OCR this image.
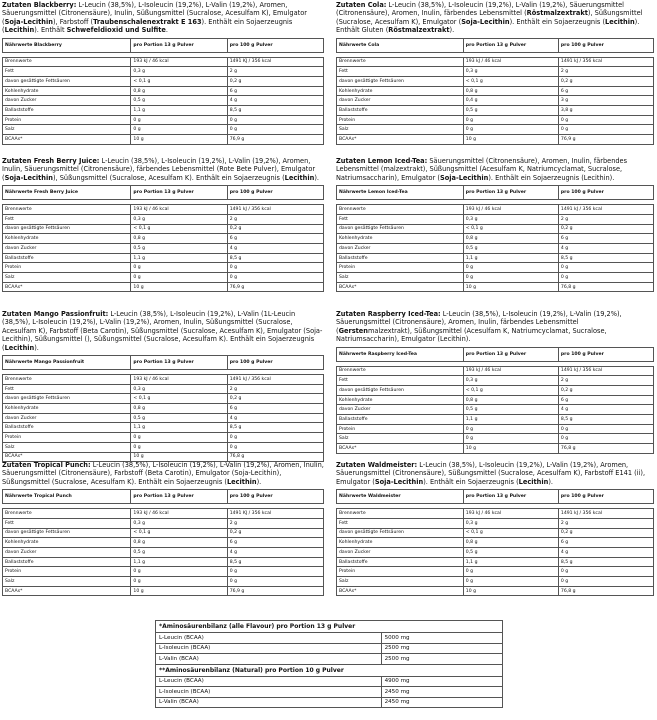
Zutaten Blackberry: L-Leucin (38,5%), L-Isoleucin (19,2%), L-Valin (19,2%), Aromen, Säuerungsmittel (Citronensäure), Inulin, Süßungsmittel (Sucralose, Acesulfam K), Emulgator (Soja-Lecithin), Farbstoff (Traubenschalenextrakt E 163). Enthält ein Sojaerzeugnis (Lecithin). Enthält Schwefeldioxid und Sulfite.

Nährwerte Blackberry	pro Portion 13 g Pulver	pro 100 g Pulver

Brennwerte	193 kJ / 46 kcal	1491 KJ / 356 kcal
Fett	0,3 g	2 g
davon gesättigte Fettsäuren	< 0,1 g	0,2 g
Kohlenhydrate	0,8 g	6 g
davon Zucker	0,5 g	4 g
Ballaststoffe	1,1 g	8,5 g
Protein	0 g	0 g
Salz	0 g	0 g
BCAAs*	10 g	76,9 g

Zutaten Cola: L-Leucin (38,5%), L-Isoleucin (19,2%), L-Valin (19,2%), Säuerungsmittel (Citronensäure), Aromen, Inulin, färbendes Lebensmittel (Röstmalzextrakt), Süßungsmittel (Sucralose, Acesulfam K), Emulgator (Soja-Lecithin). Enthält ein Sojaerzeugnis (Lecithin). Enthält Gluten (Röstmalzextrakt).

Nährwerte Cola	pro Portion 13 g Pulver	pro 100 g Pulver

Brennwerte	193 kJ / 46 kcal	1491 kJ / 356 kcal
Fett	0,3 g	2 g
davon gesättigte Fettsäuren	< 0,1 g	0,2 g
Kohlenhydrate	0,8 g	6 g
davon Zucker	0,4 g	3 g
Ballaststoffe	0,5 g	3,8 g
Protein	0 g	0 g
Salz	0 g	0 g
BCAAs*	10 g	76,9 g

Zutaten Fresh Berry Juice: L-Leucin (38,5%), L-Isoleucin (19,2%), L-Valin (19,2%), Aromen, Inulin, Säuerungsmittel (Citronensäure), färbendes Lebensmittel (Rote Bete Pulver), Emulgator (Soja-Lecithin), Süßungsmittel (Sucralose, Acesulfam K). Enthält ein Sojaerzeugnis (Lecithin).

Nährwerte Fresh Berry Juice	pro Portion 13 g Pulver	pro 100 g Pulver

Brennwerte	193 kJ / 46 kcal	1491 kJ / 356 kcal
Fett	0,3 g	2 g
davon gesättigte Fettsäuren	< 0,1 g	0,2 g
Kohlenhydrate	0,8 g	6 g
davon Zucker	0,5 g	4 g
Ballaststoffe	1,1 g	8,5 g
Protein	0 g	0 g
Salz	0 g	0 g
BCAAs*	10 g	76,9 g

Zutaten Lemon Iced-Tea: Säuerungsmittel (Citronensäure), Aromen, Inulin, färbendes Lebensmittel (malzextrakt), Süßungsmittel (Acesulfam K, Natriumcyclamat, Sucralose, Natriumsaccharin), Emulgator (Soja-Lecithin). Enthält ein Sojaerzeugnis (Lecithin).

Nährwerte Lemon Iced-Tea	pro Portion 13 g Pulver	pro 100 g Pulver

Brennwerte	193 kJ / 46 kcal	1491 kJ / 356 kcal
Fett	0,3 g	2 g
davon gesättigte Fettsäuren	< 0,1 g	0,2 g
Kohlenhydrate	0,8 g	6 g
davon Zucker	0,5 g	4 g
Ballaststoffe	1,1 g	8,5 g
Protein	0 g	0 g
Salz	0 g	0 g
BCAAs*	10 g	76,8 g

Zutaten Mango Passionfruit: L-Leucin (38,5%), L-Isoleucin (19,2%), L-Valin (1L-Leucin (38,5%), L-Isoleucin (19,2%), L-Valin (19,2%), Aromen, Inulin, Süßungsmittel (Sucralose, Acesulfam K), Farbstoff (Beta Carotin), Süßungsmittel (Sucralose, Acesulfam K), Emulgator (Soja-Lecithin), Süßungsmittel (), Süßungsmittel (Sucralose, Acesulfam K). Enthält ein Sojaerzeugnis (Lecithin).

Nährwerte Mango Passionfruit	pro Portion 13 g Pulver	pro 100 g Pulver

Brennwerte	193 kJ / 46 kcal	1491 kJ / 356 kcal
Fett	0,3 g	2 g
davon gesättigte Fettsäuren	< 0,1 g	0,2 g
Kohlenhydrate	0,8 g	6 g
davon Zucker	0,5 g	4 g
Ballaststoffe	1,1 g	8,5 g
Protein	0 g	0 g
Salz	0 g	0 g
BCAAs*	10 g	76,8 g

Zutaten Raspberry Iced-Tea: L-Leucin (38,5%), L-Isoleucin (19,2%), L-Valin (19,2%), Säuerungsmittel (Citronensäure), Aromen, Inulin, färbendes Lebensmittel (Gerstenmalzextrakt), Süßungsmittel (Acesulfam K, Natriumcyclamat, Sucralose, Natriumsaccharin), Emulgator (Lecithin).

Nährwerte Raspberry Iced-Tea	pro Portion 13 g Pulver	pro 100 g Pulver

Brennwerte	193 kJ / 46 kcal	1491 kJ / 356 kcal
Fett	0,3 g	2 g
davon gesättigte Fettsäuren	< 0,1 g	0,2 g
Kohlenhydrate	0,8 g	6 g
davon Zucker	0,5 g	4 g
Ballaststoffe	1,1 g	8,5 g
Protein	0 g	0 g
Salz	0 g	0 g
BCAAs*	10 g	76,8 g

Zutaten Tropical Punch: L-Leucin (38,5%), L-Isoleucin (19,2%), L-Valin (19,2%), Aromen, Inulin, Säuerungsmittel (Citronensäure), Farbstoff (Beta Carotin), Emulgator (Soja-Lecithin), Süßungsmittel (Sucralose, Acesulfam K). Enthält ein Sojaerzeugnis (Lecithin).

Nährwerte Tropical Punch	pro Portion 13 g Pulver	pro 100 g Pulver

Brennwerte	193 kJ / 46 kcal	1491 KJ / 356 kcal
Fett	0,3 g	2 g
davon gesättigte Fettsäuren	< 0,1 g	0,2 g
Kohlenhydrate	0,8 g	6 g
davon Zucker	0,5 g	4 g
Ballaststoffe	1,1 g	8,5 g
Protein	0 g	0 g
Salz	0 g	0 g
BCAAs*	10 g	76,9 g

Zutaten Waldmeister: L-Leucin (38,5%), L-Isoleucin (19,2%), L-Valin (19,2%), Aromen, Säuerungsmittel (Citronensäure), Süßungsmittel (Sucralose, Acesulfam K), Farbstoff E141 (ii), Emulgator (Soja-Lecithin). Enthält ein Sojaerzeugnis (Lecithin).

Nährwerte Waldmeister	pro Portion 13 g Pulver	pro 100 g Pulver

Brennwerte	193 kJ / 46 kcal	1491 kJ / 356 kcal
Fett	0,3 g	2 g
davon gesättigte Fettsäuren	< 0,1 g	0,2 g
Kohlenhydrate	0,8 g	6 g
davon Zucker	0,5 g	4 g
Ballaststoffe	1,1 g	8,5 g
Protein	0 g	0 g
Salz	0 g	0 g
BCAAs*	10 g	76,8 g
*Aminosäurenbilanz (alle Flavour) pro Portion 13 g Pulver	
L-Leucin (BCAA)	5000 mg
L-Isoleucin (BCAA)	2500 mg
L-Valin (BCAA)	2500 mg
**Aminosäurenbilanz (Natural) pro Portion 10 g Pulver	
L-Leucin (BCAA)	4900 mg
L-Isoleucin (BCAA)	2450 mg
L-Valin (BCAA)	2450 mg
